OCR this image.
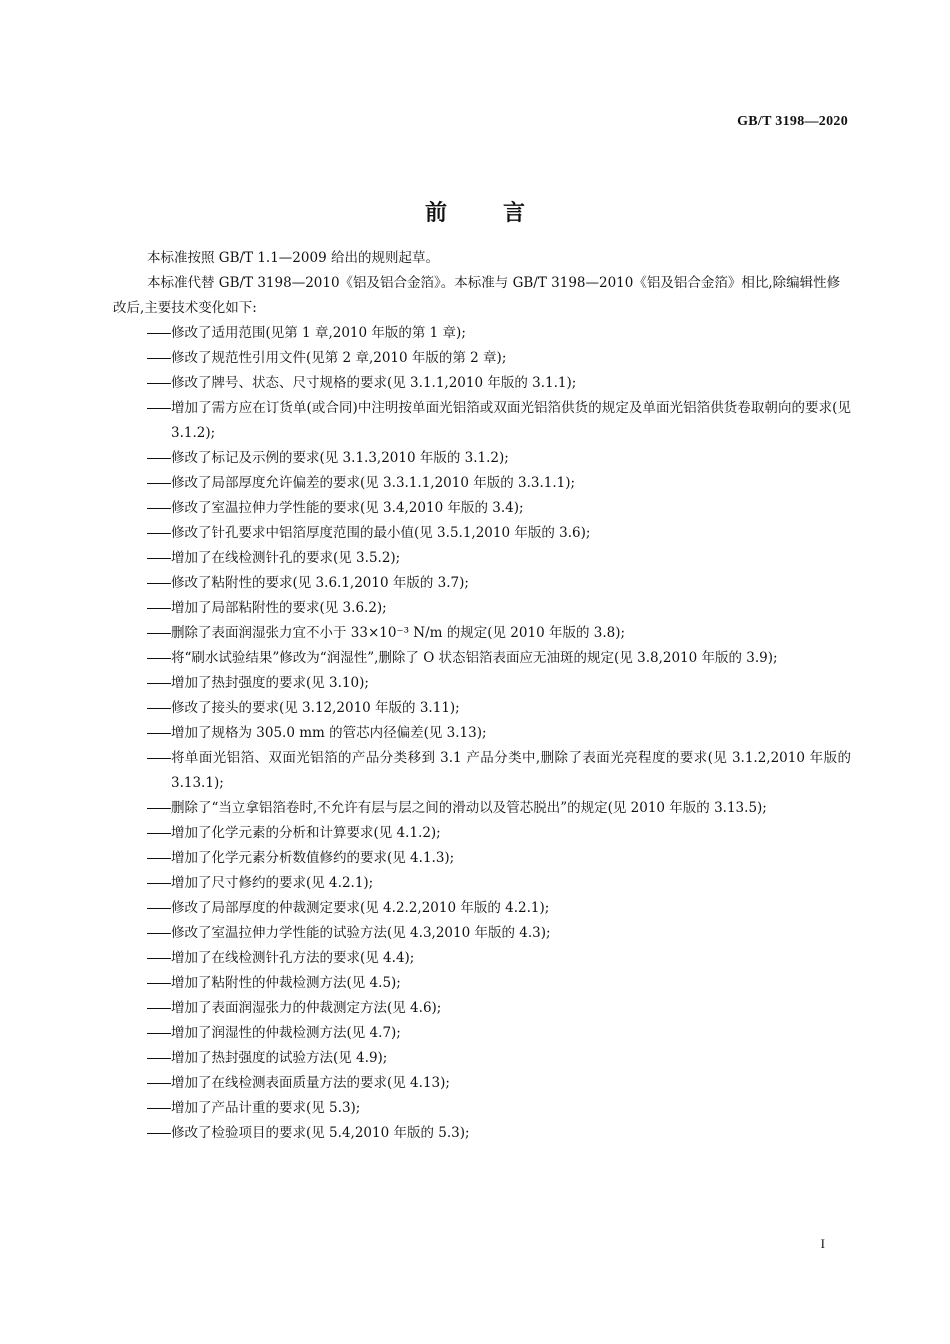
GB/T 3198—2020
前言

本标准按照 GB/T 1.1—2009 给出的规则起草。

本标准代替 GB/T 3198—2010《铝及铝合金箔》。本标准与 GB/T 3198—2010《铝及铝合金箔》相比,除编辑性修改后,主要技术变化如下:

修改了适用范围(见第 1 章,2010 年版的第 1 章);
修改了规范性引用文件(见第 2 章,2010 年版的第 2 章);
修改了牌号、状态、尺寸规格的要求(见 3.1.1,2010 年版的 3.1.1);
增加了需方应在订货单(或合同)中注明按单面光铝箔或双面光铝箔供货的规定及单面光铝箔供货卷取朝向的要求(见 3.1.2);
修改了标记及示例的要求(见 3.1.3,2010 年版的 3.1.2);
修改了局部厚度允许偏差的要求(见 3.3.1.1,2010 年版的 3.3.1.1);
修改了室温拉伸力学性能的要求(见 3.4,2010 年版的 3.4);
修改了针孔要求中铝箔厚度范围的最小值(见 3.5.1,2010 年版的 3.6);
增加了在线检测针孔的要求(见 3.5.2);
修改了粘附性的要求(见 3.6.1,2010 年版的 3.7);
增加了局部粘附性的要求(见 3.6.2);
删除了表面润湿张力宜不小于 33×10⁻³ N/m 的规定(见 2010 年版的 3.8);
将“刷水试验结果”修改为“润湿性”,删除了 O 状态铝箔表面应无油斑的规定(见 3.8,2010 年版的 3.9);
增加了热封强度的要求(见 3.10);
修改了接头的要求(见 3.12,2010 年版的 3.11);
增加了规格为 305.0 mm 的管芯内径偏差(见 3.13);
将单面光铝箔、双面光铝箔的产品分类移到 3.1 产品分类中,删除了表面光亮程度的要求(见 3.1.2,2010 年版的 3.13.1);
删除了“当立拿铝箔卷时,不允许有层与层之间的滑动以及管芯脱出”的规定(见 2010 年版的 3.13.5);
增加了化学元素的分析和计算要求(见 4.1.2);
增加了化学元素分析数值修约的要求(见 4.1.3);
增加了尺寸修约的要求(见 4.2.1);
修改了局部厚度的仲裁测定要求(见 4.2.2,2010 年版的 4.2.1);
修改了室温拉伸力学性能的试验方法(见 4.3,2010 年版的 4.3);
增加了在线检测针孔方法的要求(见 4.4);
增加了粘附性的仲裁检测方法(见 4.5);
增加了表面润湿张力的仲裁测定方法(见 4.6);
增加了润湿性的仲裁检测方法(见 4.7);
增加了热封强度的试验方法(见 4.9);
增加了在线检测表面质量方法的要求(见 4.13);
增加了产品计重的要求(见 5.3);
修改了检验项目的要求(见 5.4,2010 年版的 5.3);
I
